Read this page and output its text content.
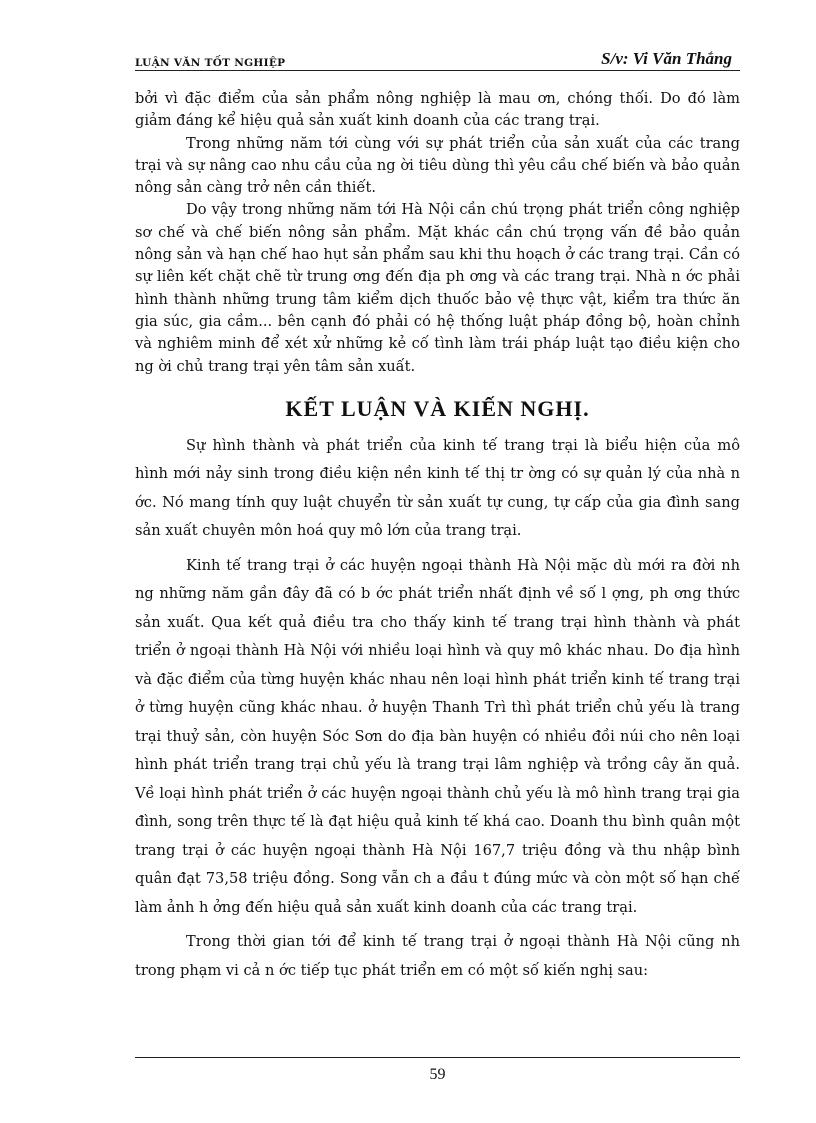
LUẬN VĂN TỐT NGHIỆP	S/v: Vi Văn Thắng

bởi vì đặc điểm của sản phẩm nông nghiệp là mau ơn, chóng thối. Do đó làm giảm đáng kể hiệu quả sản xuất kinh doanh của các trang trại.

Trong những năm tới cùng với sự phát triển của sản xuất của các trang trại và sự nâng cao nhu cầu của ng ời tiêu dùng thì yêu cầu chế biến và bảo quản nông sản càng trở nên cần thiết.

Do vậy trong những năm tới Hà Nội cần chú trọng phát triển công nghiệp sơ chế và chế biến nông sản phẩm. Mặt khác cần chú trọng vấn đề bảo quản nông sản và hạn chế hao hụt sản phẩm sau khi thu hoạch ở các trang trại. Cần có sự liên kết chặt chẽ từ trung ơng đến địa ph ơng và các trang trại. Nhà n ớc phải hình thành những trung tâm kiểm dịch thuốc bảo vệ thực vật, kiểm tra thức ăn gia súc, gia cầm... bên cạnh đó phải có hệ thống luật pháp đồng bộ, hoàn chỉnh và nghiêm minh để xét xử những kẻ cố tình làm trái pháp luật tạo điều kiện cho ng ời chủ trang trại yên tâm sản xuất.

KẾT LUẬN VÀ KIẾN NGHỊ.

Sự hình thành và phát triển của kinh tế trang trại là biểu hiện của mô hình mới nảy sinh trong điều kiện nền kinh tế thị tr ờng có sự quản lý của nhà n ớc. Nó mang tính quy luật chuyển từ sản xuất tự cung, tự cấp của gia đình sang sản xuất chuyên môn hoá quy mô lớn của trang trại.

Kinh tế trang trại ở các huyện ngoại thành Hà Nội mặc dù mới ra đời nh ng những năm gần đây đã có b ớc phát triển nhất định về số l ợng, ph ơng thức sản xuất. Qua kết quả điều tra cho thấy kinh tế trang trại hình thành và phát triển ở ngoại thành Hà Nội với nhiều loại hình và quy mô khác nhau. Do địa hình và đặc điểm của từng huyện khác nhau nên loại hình phát triển kinh tế trang trại ở từng huyện cũng khác nhau. ở huyện Thanh Trì thì phát triển chủ yếu là trang trại thuỷ sản, còn huyện Sóc Sơn do địa bàn huyện có nhiều đồi núi cho nên loại hình phát triển trang trại chủ yếu là trang trại lâm nghiệp và trồng cây ăn quả. Về loại hình phát triển ở các huyện ngoại thành chủ yếu là mô hình trang trại gia đình, song trên thực tế là đạt hiệu quả kinh tế khá cao. Doanh thu bình quân một trang trại ở các huyện ngoại thành Hà Nội 167,7 triệu đồng và thu nhập bình quân đạt 73,58 triệu đồng. Song vẫn ch a đầu t đúng mức và còn một số hạn chế làm ảnh h ởng đến hiệu quả sản xuất kinh doanh của các trang trại.

Trong thời gian tới để kinh tế trang trại ở ngoại thành Hà Nội cũng nh trong phạm vi cả n ớc tiếp tục phát triển em có một số kiến nghị sau:

59
